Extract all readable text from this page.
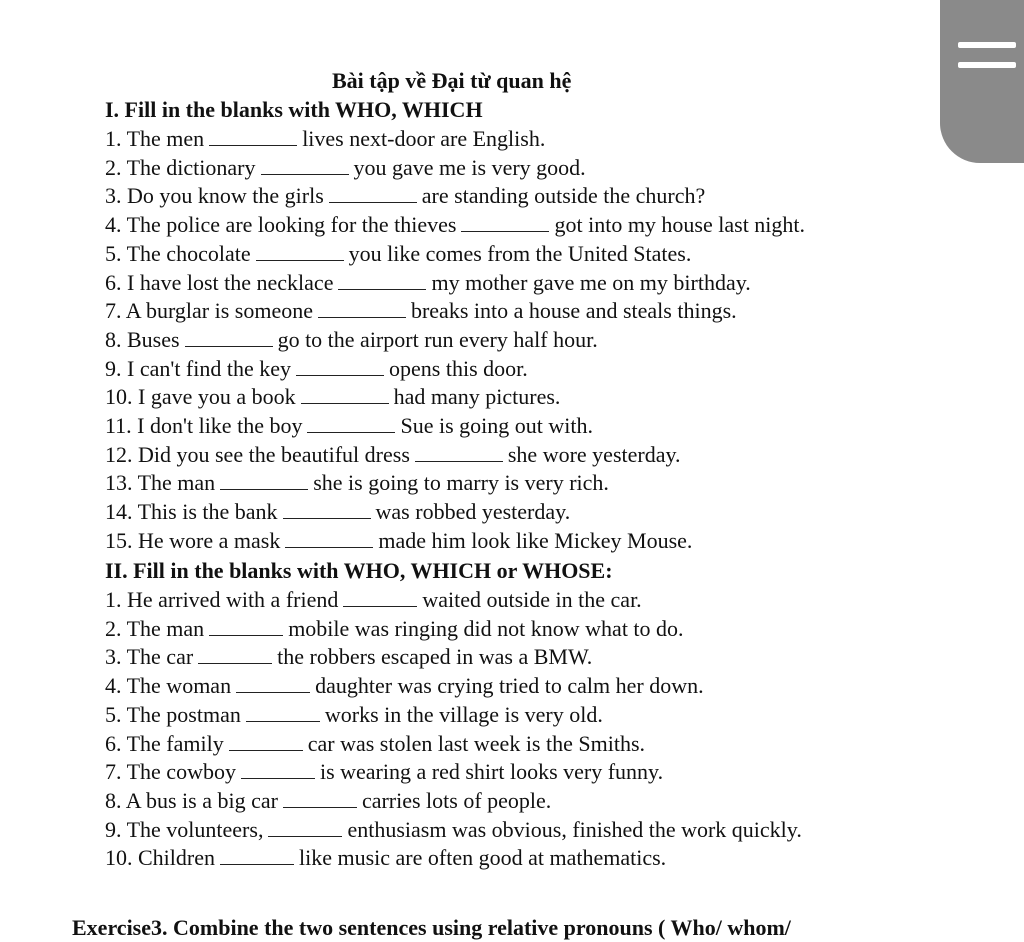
Bài tập về Đại từ quan hệ
I. Fill in the blanks with WHO, WHICH
1. The men	lives next-door are English.
2. The dictionary	you gave me is very good.
3. Do you know the girls	are standing outside the church?
4. The police are looking for the thieves	got into my house last night.
5. The chocolate	you like comes from the United States.
6. I have lost the necklace	my mother gave me on my birthday.
7. A burglar is someone	breaks into a house and steals things.
8. Buses	go to the airport run every half hour.
9. I can't find the key	opens this door.
10. I gave you a book	had many pictures.
11. I don't like the boy	Sue is going out with.
12. Did you see the beautiful dress	she wore yesterday.
13. The man	she is going to marry is very rich.
14. This is the bank	was robbed yesterday.
15. He wore a mask	made him look like Mickey Mouse.
II. Fill in the blanks with WHO, WHICH or WHOSE:
1. He arrived with a friend	waited outside in the car.
2. The man	mobile was ringing did not know what to do.
3. The car	the robbers escaped in was a BMW.
4. The woman	daughter was crying tried to calm her down.
5. The postman	works in the village is very old.
6. The family	car was stolen last week is the Smiths.
7. The cowboy	is wearing a red shirt looks very funny.
8. A bus is a big car	carries lots of people.
9. The volunteers,	enthusiasm was obvious, finished the work quickly.
10. Children	like music are often good at mathematics.
Exercise3. Combine the two sentences using relative pronouns ( Who/ whom/
